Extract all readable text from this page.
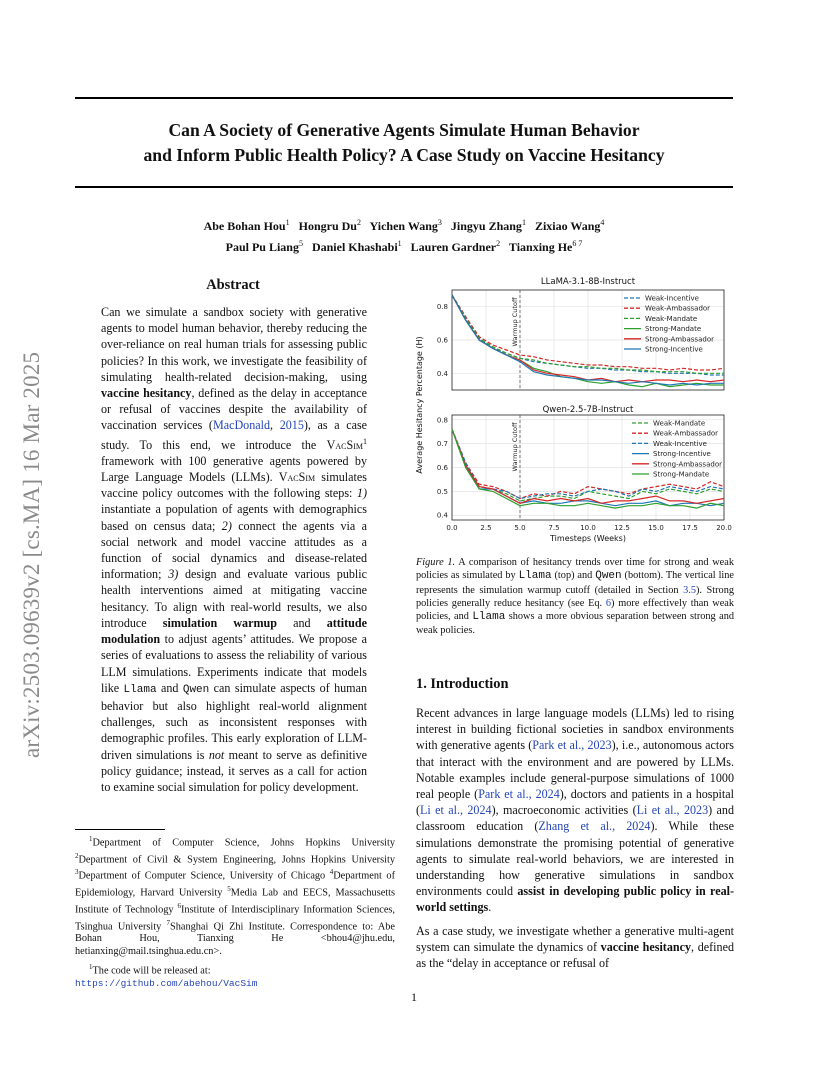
Can A Society of Generative Agents Simulate Human Behavior
and Inform Public Health Policy? A Case Study on Vaccine Hesitancy
Abe Bohan Hou$^1$ Hongru Du$^2$ Yichen Wang$^3$ Jingyu Zhang$^1$ Zixiao Wang$^4$
Paul Pu Liang$^5$ Daniel Khashabi$^1$ Lauren Gardner$^2$ Tianxing $He^{6 7}$
arXiv:2503.09639v2 [cs.MA] 16 Mar 2025
Abstract
Can we simulate a sandbox society with generative agents to model human behavior, thereby reducing the over-reliance on real human trials for assessing public policies? In this work, we investigate the feasibility of simulating health-related decision-making, using vaccine hesitancy, defined as the delay in acceptance or refusal of vaccines despite the availability of vaccination services (MacDonald, 2015), as a case study. To this end, we introduce the VacSim$^1$ framework with 100 generative agents powered by Large Language Models (LLMs). VacSim simulates vaccine policy outcomes with the following steps: 1) instantiate a population of agents with demographics based on census data; 2) connect the agents via a social network and model vaccine attitudes as a function of social dynamics and disease-related information; 3) design and evaluate various public health interventions aimed at mitigating vaccine hesitancy. To align with real-world results, we also introduce simulation warmup and attitude modulation to adjust agents’ attitudes. We propose a series of evaluations to assess the reliability of various LLM simulations. Experiments indicate that models like Llama and Qwen can simulate aspects of human behavior but also highlight real-world alignment challenges, such as inconsistent responses with demographic profiles. This early exploration of LLM-driven simulations is not meant to serve as definitive policy guidance; instead, it serves as a call for action to examine social simulation for policy development.

$^1$Department of Computer Science, Johns Hopkins University $^2$Department of Civil & System Engineering, Johns Hopkins University $^3$Department of Computer Science, University of Chicago $^4$Department of Epidemiology, Harvard University $^5$Media Lab and EECS, Massachusetts Institute of Technology $^6$Institute of Interdisciplinary Information Sciences, Tsinghua University $^7$Shanghai Qi Zhi Institute. Correspondence to: Abe Bohan Hou, Tianxing He <bhou4@jhu.edu, hetianxing@mail.tsinghua.edu.cn>.

$^1$The code will be released at:

https://github.com/abehou/VacSim
0.4
0.6
0.8
LLaMA-3.1-8B-Instruct
Warmup Cutoff	Weak-Incentive
Weak-Ambassador
Weak-Mandate
Strong-Mandate
Strong-Ambassador
Strong-Incentive
0.4
0.5
0.6
0.7
0.8
0.0	2.5	5.0	7.5	10.0	12.5	15.0	17.5	20.0
Qwen-2.5-7B-Instruct
Warmup Cutoff	Weak-Mandate
Weak-Ambassador
Weak-Incentive
Strong-Incentive
Strong-Ambassador
Strong-Mandate
Timesteps (Weeks)
Average Hesitancy Percentage (H)
Figure 1. A comparison of hesitancy trends over time for strong and weak policies as simulated by Llama (top) and Qwen (bottom). The vertical line represents the simulation warmup cutoff (detailed in Section 3.5). Strong policies generally reduce hesitancy (see Eq. 6) more effectively than weak policies, and Llama shows a more obvious separation between strong and weak policies.
1. Introduction

Recent advances in large language models (LLMs) led to rising interest in building fictional societies in sandbox environments with generative agents (Park et al., 2023), i.e., autonomous actors that interact with the environment and are powered by LLMs. Notable examples include general-purpose simulations of 1000 real people (Park et al., 2024), doctors and patients in a hospital (Li et al., 2024), macroeconomic activities (Li et al., 2023) and classroom education (Zhang et al., 2024). While these simulations demonstrate the promising potential of generative agents to simulate real-world behaviors, we are interested in understanding how generative simulations in sandbox environments could assist in developing public policy in real-world settings.

As a case study, we investigate whether a generative multi-agent system can simulate the dynamics of vaccine hesitancy, defined as the “delay in acceptance or refusal of

1
